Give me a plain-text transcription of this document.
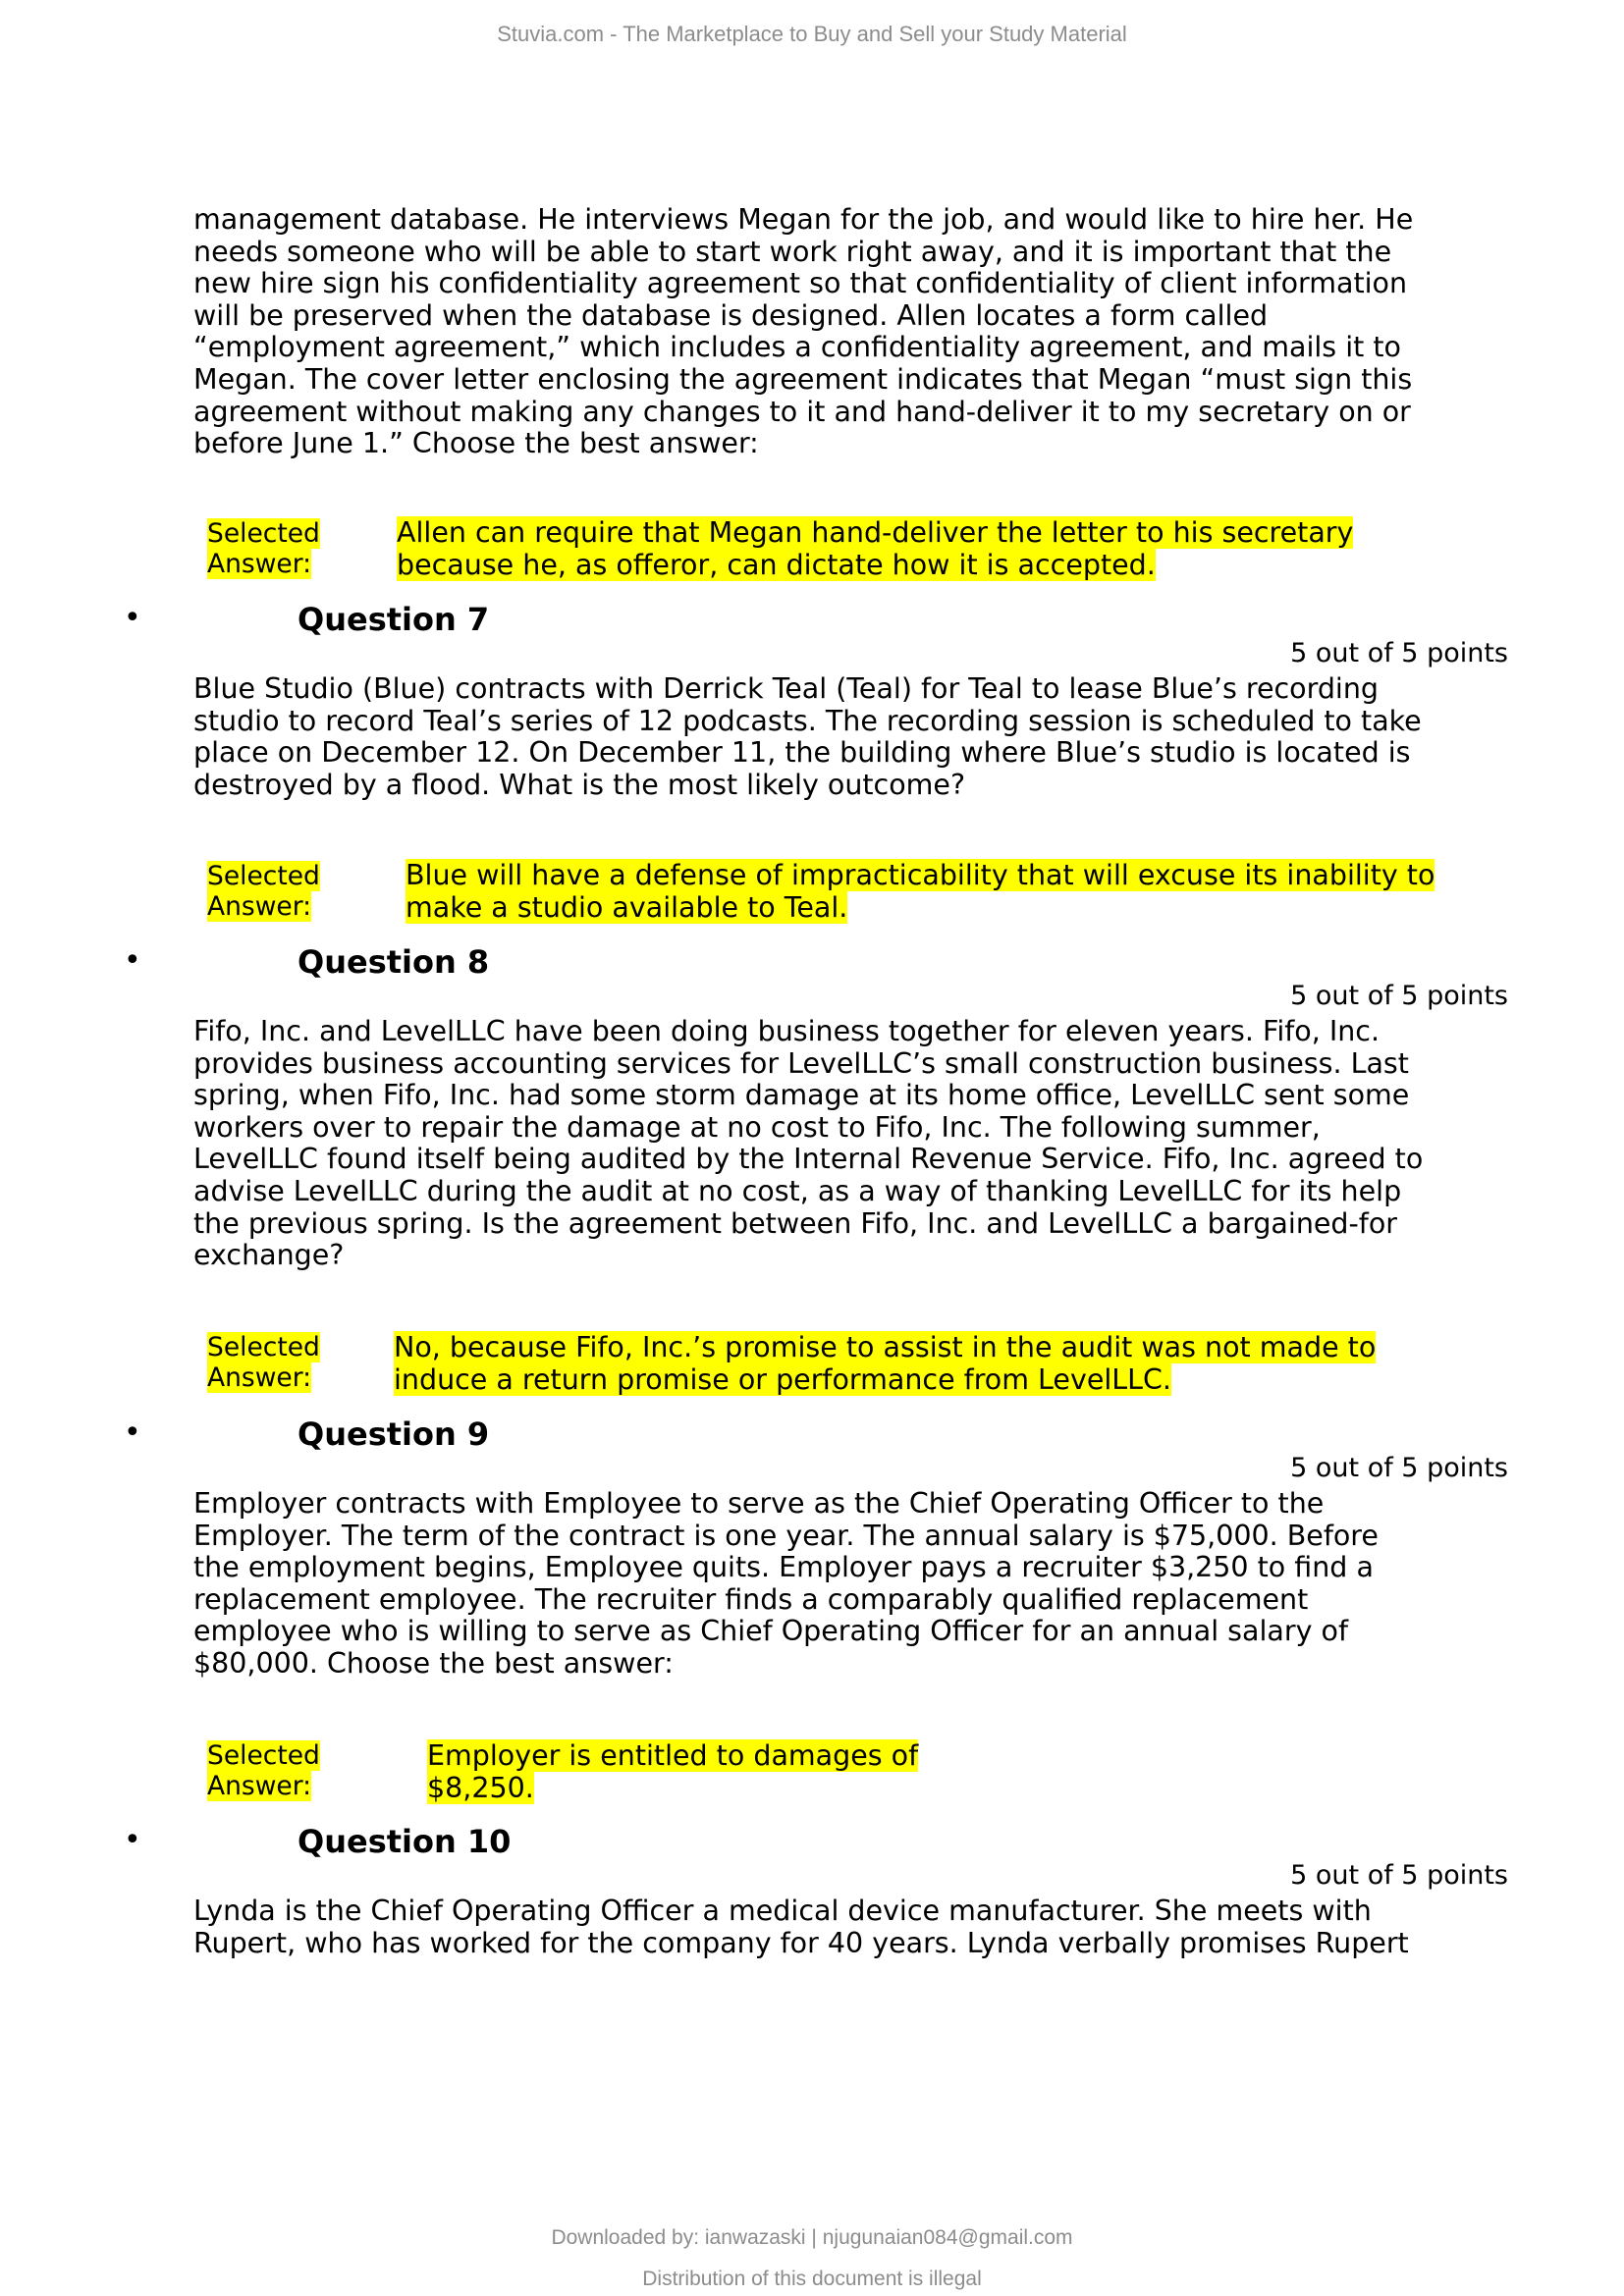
Stuvia.com - The Marketplace to Buy and Sell your Study Material

management database. He interviews Megan for the job, and would like to hire her. He needs someone who will be able to start work right away, and it is important that the new hire sign his confidentiality agreement so that confidentiality of client information will be preserved when the database is designed. Allen locates a form called “employment agreement,” which includes a confidentiality agreement, and mails it to Megan. The cover letter enclosing the agreement indicates that Megan “must sign this agreement without making any changes to it and hand-deliver it to my secretary on or before June 1.” Choose the best answer:

Selected
Answer:
Allen can require that Megan hand-deliver the letter to his secretary
because he, as offeror, can dictate how it is accepted.
•	Question 7
5 out of 5 points

Blue Studio (Blue) contracts with Derrick Teal (Teal) for Teal to lease Blue’s recording studio to record Teal’s series of 12 podcasts. The recording session is scheduled to take place on December 12. On December 11, the building where Blue’s studio is located is destroyed by a flood. What is the most likely outcome?

Selected
Answer:
Blue will have a defense of impracticability that will excuse its inability to
make a studio available to Teal.
•	Question 8
5 out of 5 points

Fifo, Inc. and LevelLLC have been doing business together for eleven years. Fifo, Inc. provides business accounting services for LevelLLC’s small construction business. Last spring, when Fifo, Inc. had some storm damage at its home office, LevelLLC sent some workers over to repair the damage at no cost to Fifo, Inc. The following summer, LevelLLC found itself being audited by the Internal Revenue Service. Fifo, Inc. agreed to advise LevelLLC during the audit at no cost, as a way of thanking LevelLLC for its help the previous spring. Is the agreement between Fifo, Inc. and LevelLLC a bargained-for exchange?

Selected
Answer:
No, because Fifo, Inc.’s promise to assist in the audit was not made to
induce a return promise or performance from LevelLLC.
•	Question 9
5 out of 5 points

Employer contracts with Employee to serve as the Chief Operating Officer to the Employer. The term of the contract is one year. The annual salary is $75,000. Before the employment begins, Employee quits. Employer pays a recruiter $3,250 to find a replacement employee. The recruiter finds a comparably qualified replacement employee who is willing to serve as Chief Operating Officer for an annual salary of $80,000. Choose the best answer:

Selected
Answer:
Employer is entitled to damages of
$8,250.
•	Question 10
5 out of 5 points

Lynda is the Chief Operating Officer a medical device manufacturer. She meets with Rupert, who has worked for the company for 40 years. Lynda verbally promises Rupert

Downloaded by: ianwazaski | njugunaian084@gmail.com
Distribution of this document is illegal
